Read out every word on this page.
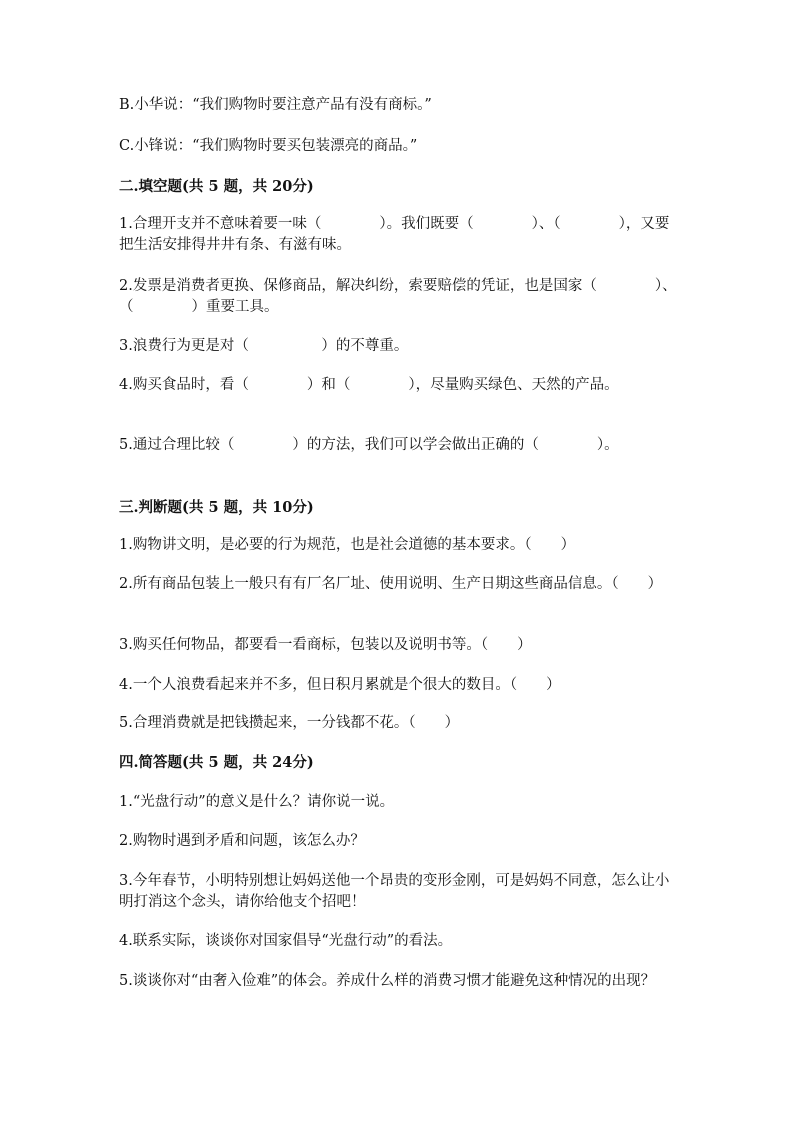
B.小华说：“我们购物时要注意产品有没有商标。”

C.小锋说：“我们购物时要买包装漂亮的商品。”

二.填空题(共 5 题，共 20分)

1.合理开支并不意味着要一味（　　　　）。我们既要（　　　　）、（　　　　），又要把生活安排得井井有条、有滋有味。

2.发票是消费者更换、保修商品，解决纠纷，索要赔偿的凭证，也是国家（　　　　）、（　　　　）重要工具。

3.浪费行为更是对（　　　　　）的不尊重。

4.购买食品时，看（　　　　）和（　　　　），尽量购买绿色、天然的产品。

5.通过合理比较（　　　　）的方法，我们可以学会做出正确的（　　　　）。

三.判断题(共 5 题，共 10分)

1.购物讲文明，是必要的行为规范，也是社会道德的基本要求。（　　）

2.所有商品包装上一般只有有厂名厂址、使用说明、生产日期这些商品信息。（　　）

3.购买任何物品，都要看一看商标，包装以及说明书等。（　　）

4.一个人浪费看起来并不多，但日积月累就是个很大的数目。（　　）

5.合理消费就是把钱攒起来，一分钱都不花。（　　）

四.简答题(共 5 题，共 24分)

1.“光盘行动”的意义是什么？请你说一说。

2.购物时遇到矛盾和问题，该怎么办？

3.今年春节，小明特别想让妈妈送他一个昂贵的变形金刚，可是妈妈不同意，怎么让小明打消这个念头，请你给他支个招吧！

4.联系实际，谈谈你对国家倡导“光盘行动”的看法。

5.谈谈你对“由奢入俭难”的体会。养成什么样的消费习惯才能避免这种情况的出现？
